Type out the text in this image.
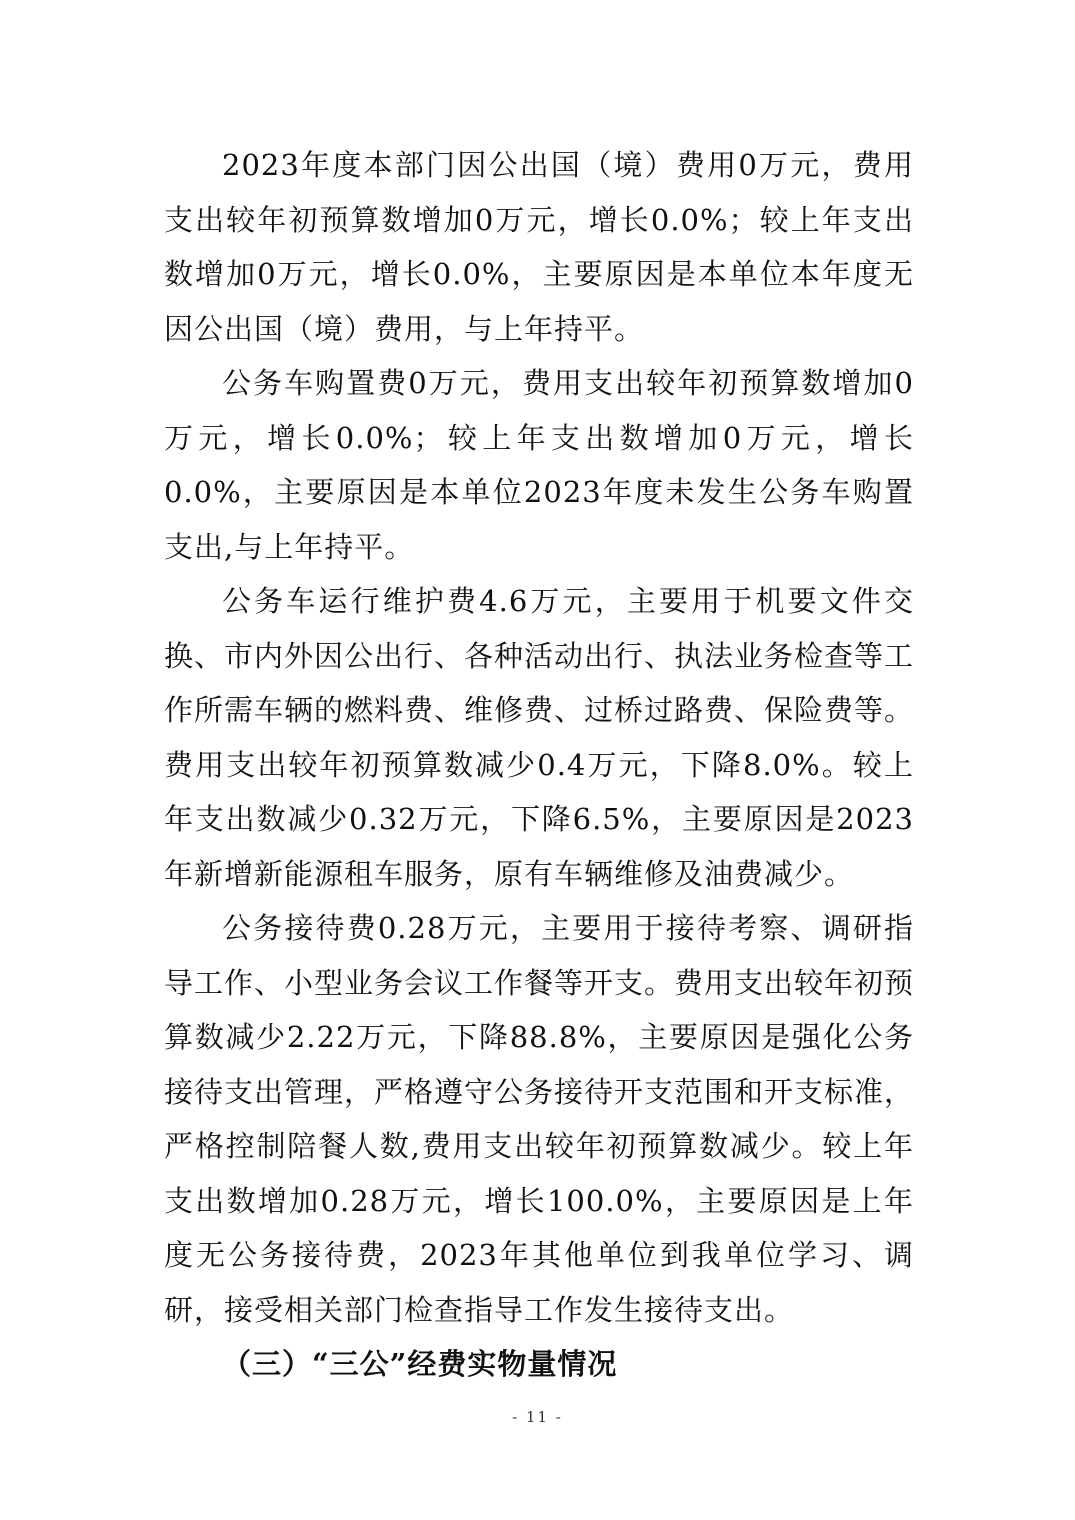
2023年度本部门因公出国（境）费用0万元，费用支出较年初预算数增加0万元，增长0.0%；较上年支出数增加0万元，增长0.0%，主要原因是本单位本年度无因公出国（境）费用，与上年持平。

公务车购置费0万元，费用支出较年初预算数增加0万元，增长0.0%；较上年支出数增加0万元，增长0.0%，主要原因是本单位2023年度未发生公务车购置支出,与上年持平。

公务车运行维护费4.6万元，主要用于机要文件交换、市内外因公出行、各种活动出行、执法业务检查等工作所需车辆的燃料费、维修费、过桥过路费、保险费等。费用支出较年初预算数减少0.4万元，下降8.0%。较上年支出数减少0.32万元，下降6.5%，主要原因是2023年新增新能源租车服务，原有车辆维修及油费减少。

公务接待费0.28万元，主要用于接待考察、调研指导工作、小型业务会议工作餐等开支。费用支出较年初预算数减少2.22万元，下降88.8%，主要原因是强化公务接待支出管理，严格遵守公务接待开支范围和开支标准，严格控制陪餐人数,费用支出较年初预算数减少。较上年支出数增加0.28万元，增长100.0%，主要原因是上年度无公务接待费，2023年其他单位到我单位学习、调研，接受相关部门检查指导工作发生接待支出。

（三）“三公”经费实物量情况

- 11 -
